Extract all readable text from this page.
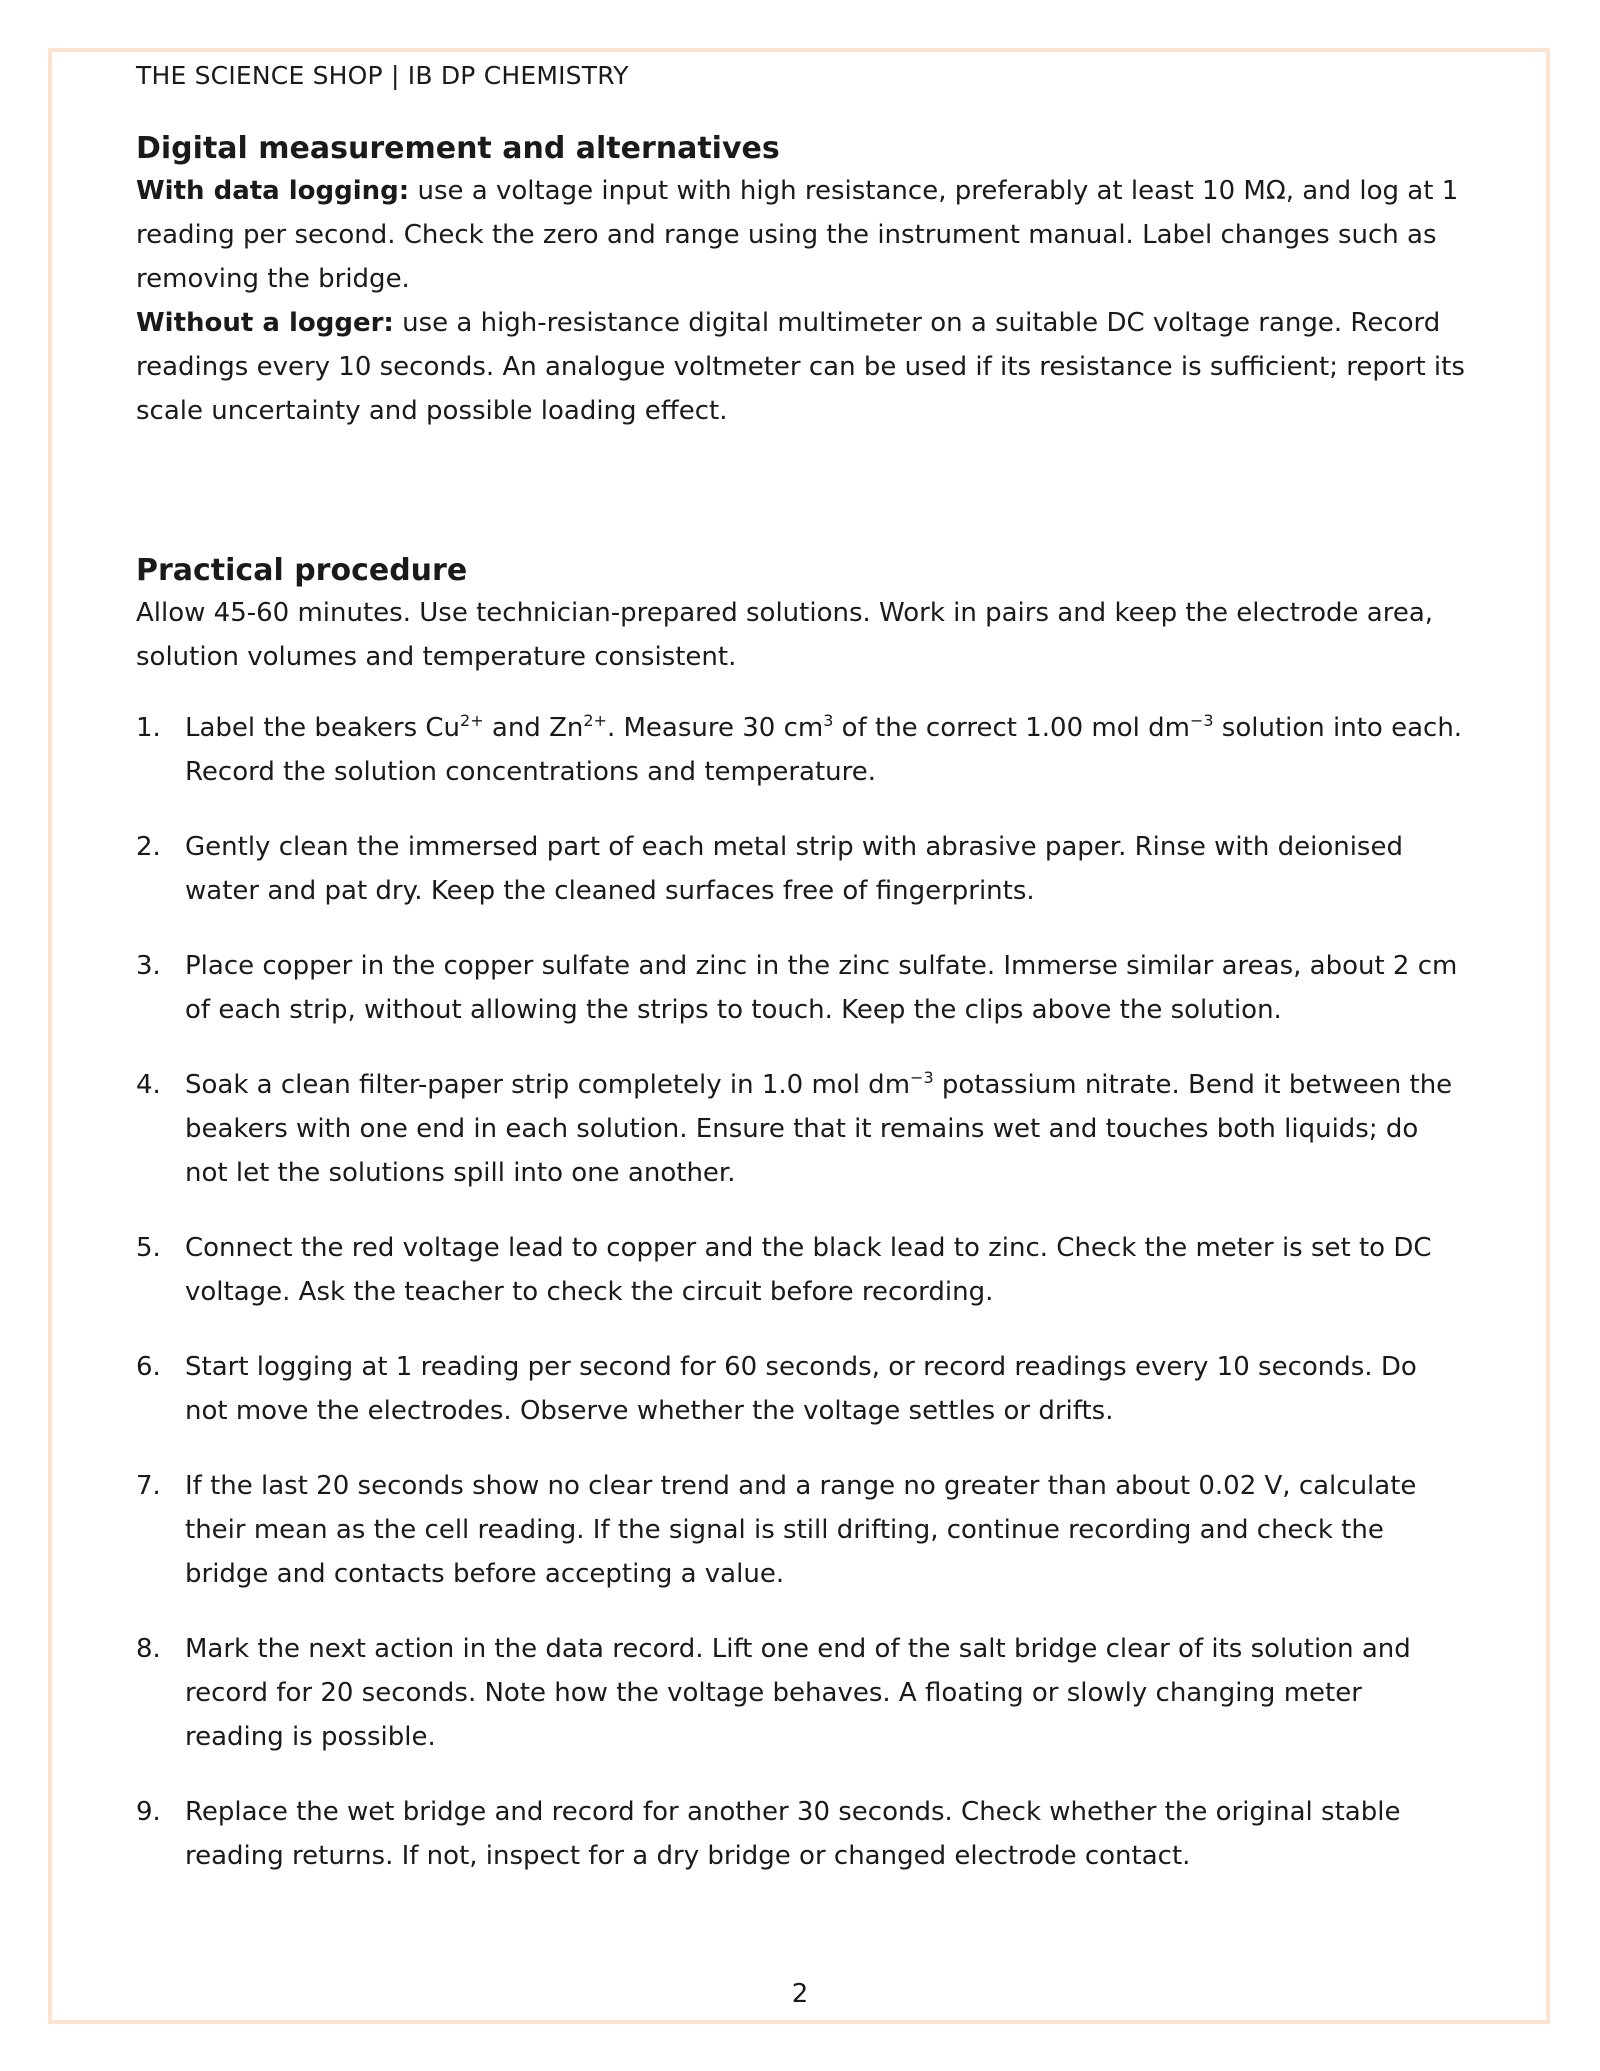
THE SCIENCE SHOP | IB DP CHEMISTRY

Digital measurement and alternatives

With data logging: use a voltage input with high resistance, preferably at least 10 MΩ, and log at 1 reading per second. Check the zero and range using the instrument manual. Label changes such as removing the bridge.

Without a logger: use a high-resistance digital multimeter on a suitable DC voltage range. Record readings every 10 seconds. An analogue voltmeter can be used if its resistance is sufficient; report its scale uncertainty and possible loading effect.

Practical procedure

Allow 45-60 minutes. Use technician-prepared solutions. Work in pairs and keep the electrode area, solution volumes and temperature consistent.

1. Label the beakers $Cu^{2+}$ and $Zn^{2+}$. Measure 30 $cm^3$ of the correct 1.00 mol $dm^{-3}$ solution into each. Record the solution concentrations and temperature.
2. Gently clean the immersed part of each metal strip with abrasive paper. Rinse with deionised water and pat dry. Keep the cleaned surfaces free of fingerprints.
3. Place copper in the copper sulfate and zinc in the zinc sulfate. Immerse similar areas, about 2 cm of each strip, without allowing the strips to touch. Keep the clips above the solution.
4. Soak a clean filter-paper strip completely in 1.0 mol $dm^{-3}$ potassium nitrate. Bend it between the beakers with one end in each solution. Ensure that it remains wet and touches both liquids; do not let the solutions spill into one another.
5. Connect the red voltage lead to copper and the black lead to zinc. Check the meter is set to DC voltage. Ask the teacher to check the circuit before recording.
6. Start logging at 1 reading per second for 60 seconds, or record readings every 10 seconds. Do not move the electrodes. Observe whether the voltage settles or drifts.
7. If the last 20 seconds show no clear trend and a range no greater than about 0.02 V, calculate their mean as the cell reading. If the signal is still drifting, continue recording and check the bridge and contacts before accepting a value.
8. Mark the next action in the data record. Lift one end of the salt bridge clear of its solution and record for 20 seconds. Note how the voltage behaves. A floating or slowly changing meter reading is possible.
9. Replace the wet bridge and record for another 30 seconds. Check whether the original stable reading returns. If not, inspect for a dry bridge or changed electrode contact.
2
